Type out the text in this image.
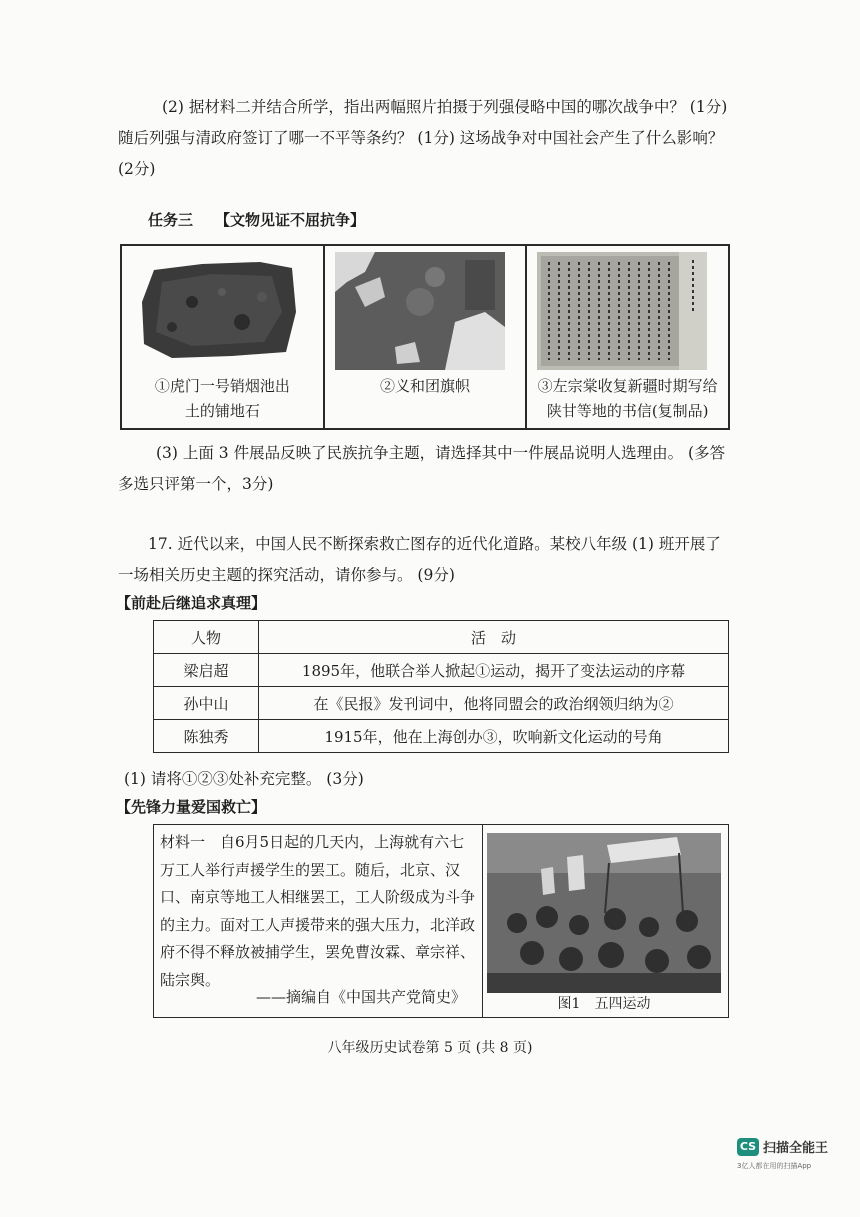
(2) 据材料二并结合所学，指出两幅照片拍摄于列强侵略中国的哪次战争中？ (1分) 随后列强与清政府签订了哪一不平等条约？ (1分) 这场战争对中国社会产生了什么影响？ (2分)
任务三 【文物见证不屈抗争】
①虎门一号销烟池出
土的铺地石
②义和团旗帜	③左宗棠收复新疆时期写给
陕甘等地的书信(复制品)
(3) 上面 3 件展品反映了民族抗争主题，请选择其中一件展品说明人选理由。 (多答多选只评第一个，3分)
17. 近代以来，中国人民不断探索救亡图存的近代化道路。某校八年级 (1) 班开展了一场相关历史主题的探究活动，请你参与。 (9分)
【前赴后继追求真理】
人物	活　动
梁启超	1895年，他联合举人掀起①运动，揭开了变法运动的序幕
孙中山	在《民报》发刊词中，他将同盟会的政治纲领归纳为②
陈独秀	1915年，他在上海创办③，吹响新文化运动的号角
(1) 请将①②③处补充完整。 (3分)
【先锋力量爱国救亡】
材料一　自6月5日起的几天内，上海就有六七万工人举行声援学生的罢工。随后，北京、汉口、南京等地工人相继罢工，工人阶级成为斗争的主力。面对工人声援带来的强大压力，北洋政府不得不释放被捕学生，罢免曹汝霖、章宗祥、陆宗舆。
——摘编自《中国共产党简史》	图1　五四运动
八年级历史试卷第 5 页 (共 8 页)
CS 扫描全能王
3亿人都在用的扫描App
